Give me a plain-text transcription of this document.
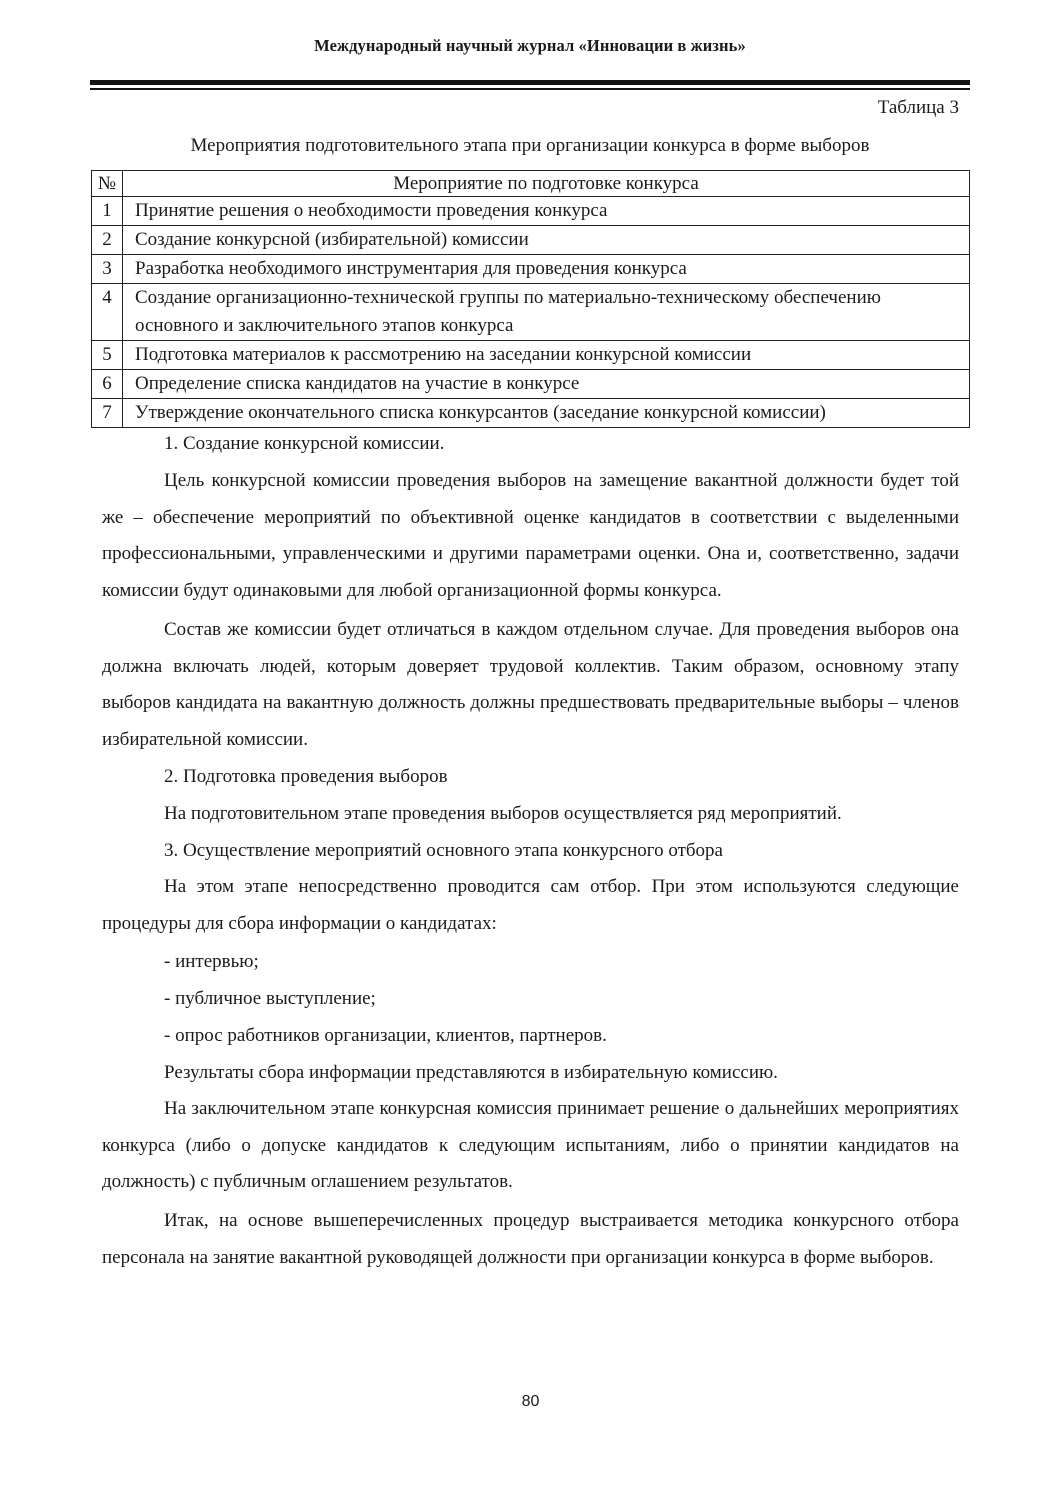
Международный научный журнал «Инновации в жизнь»
Таблица 3
Мероприятия подготовительного этапа при организации конкурса в форме выборов
№	Мероприятие по подготовке конкурса
1	Принятие решения о необходимости проведения конкурса
2	Создание конкурсной (избирательной) комиссии
3	Разработка необходимого инструментария для проведения конкурса
4	Создание организационно-технической группы по материально-техническому обеспечению основного и заключительного этапов конкурса
5	Подготовка материалов к рассмотрению на заседании конкурсной комиссии
6	Определение списка кандидатов на участие в конкурсе
7	Утверждение окончательного списка конкурсантов (заседание конкурсной комиссии)

1. Создание конкурсной комиссии.

Цель конкурсной комиссии проведения выборов на замещение вакантной должности будет той же – обеспечение мероприятий по объективной оценке кандидатов в соответствии с выделенными профессиональными, управленческими и другими параметрами оценки. Она и, соответственно, задачи комиссии будут одинаковыми для любой организационной формы конкурса.

Состав же комиссии будет отличаться в каждом отдельном случае. Для проведения выборов она должна включать людей, которым доверяет трудовой коллектив. Таким образом, основному этапу выборов кандидата на вакантную должность должны предшествовать предварительные выборы – членов избирательной комиссии.

2. Подготовка проведения выборов

На подготовительном этапе проведения выборов осуществляется ряд мероприятий.

3. Осуществление мероприятий основного этапа конкурсного отбора

На этом этапе непосредственно проводится сам отбор. При этом используются следующие процедуры для сбора информации о кандидатах:

- интервью;

- публичное выступление;

- опрос работников организации, клиентов, партнеров.

Результаты сбора информации представляются в избирательную комиссию.

На заключительном этапе конкурсная комиссия принимает решение о дальнейших мероприятиях конкурса (либо о допуске кандидатов к следующим испытаниям, либо о принятии кандидатов на должность) с публичным оглашением результатов.

Итак, на основе вышеперечисленных процедур выстраивается методика конкурсного отбора персонала на занятие вакантной руководящей должности при организации конкурса в форме выборов.

80
